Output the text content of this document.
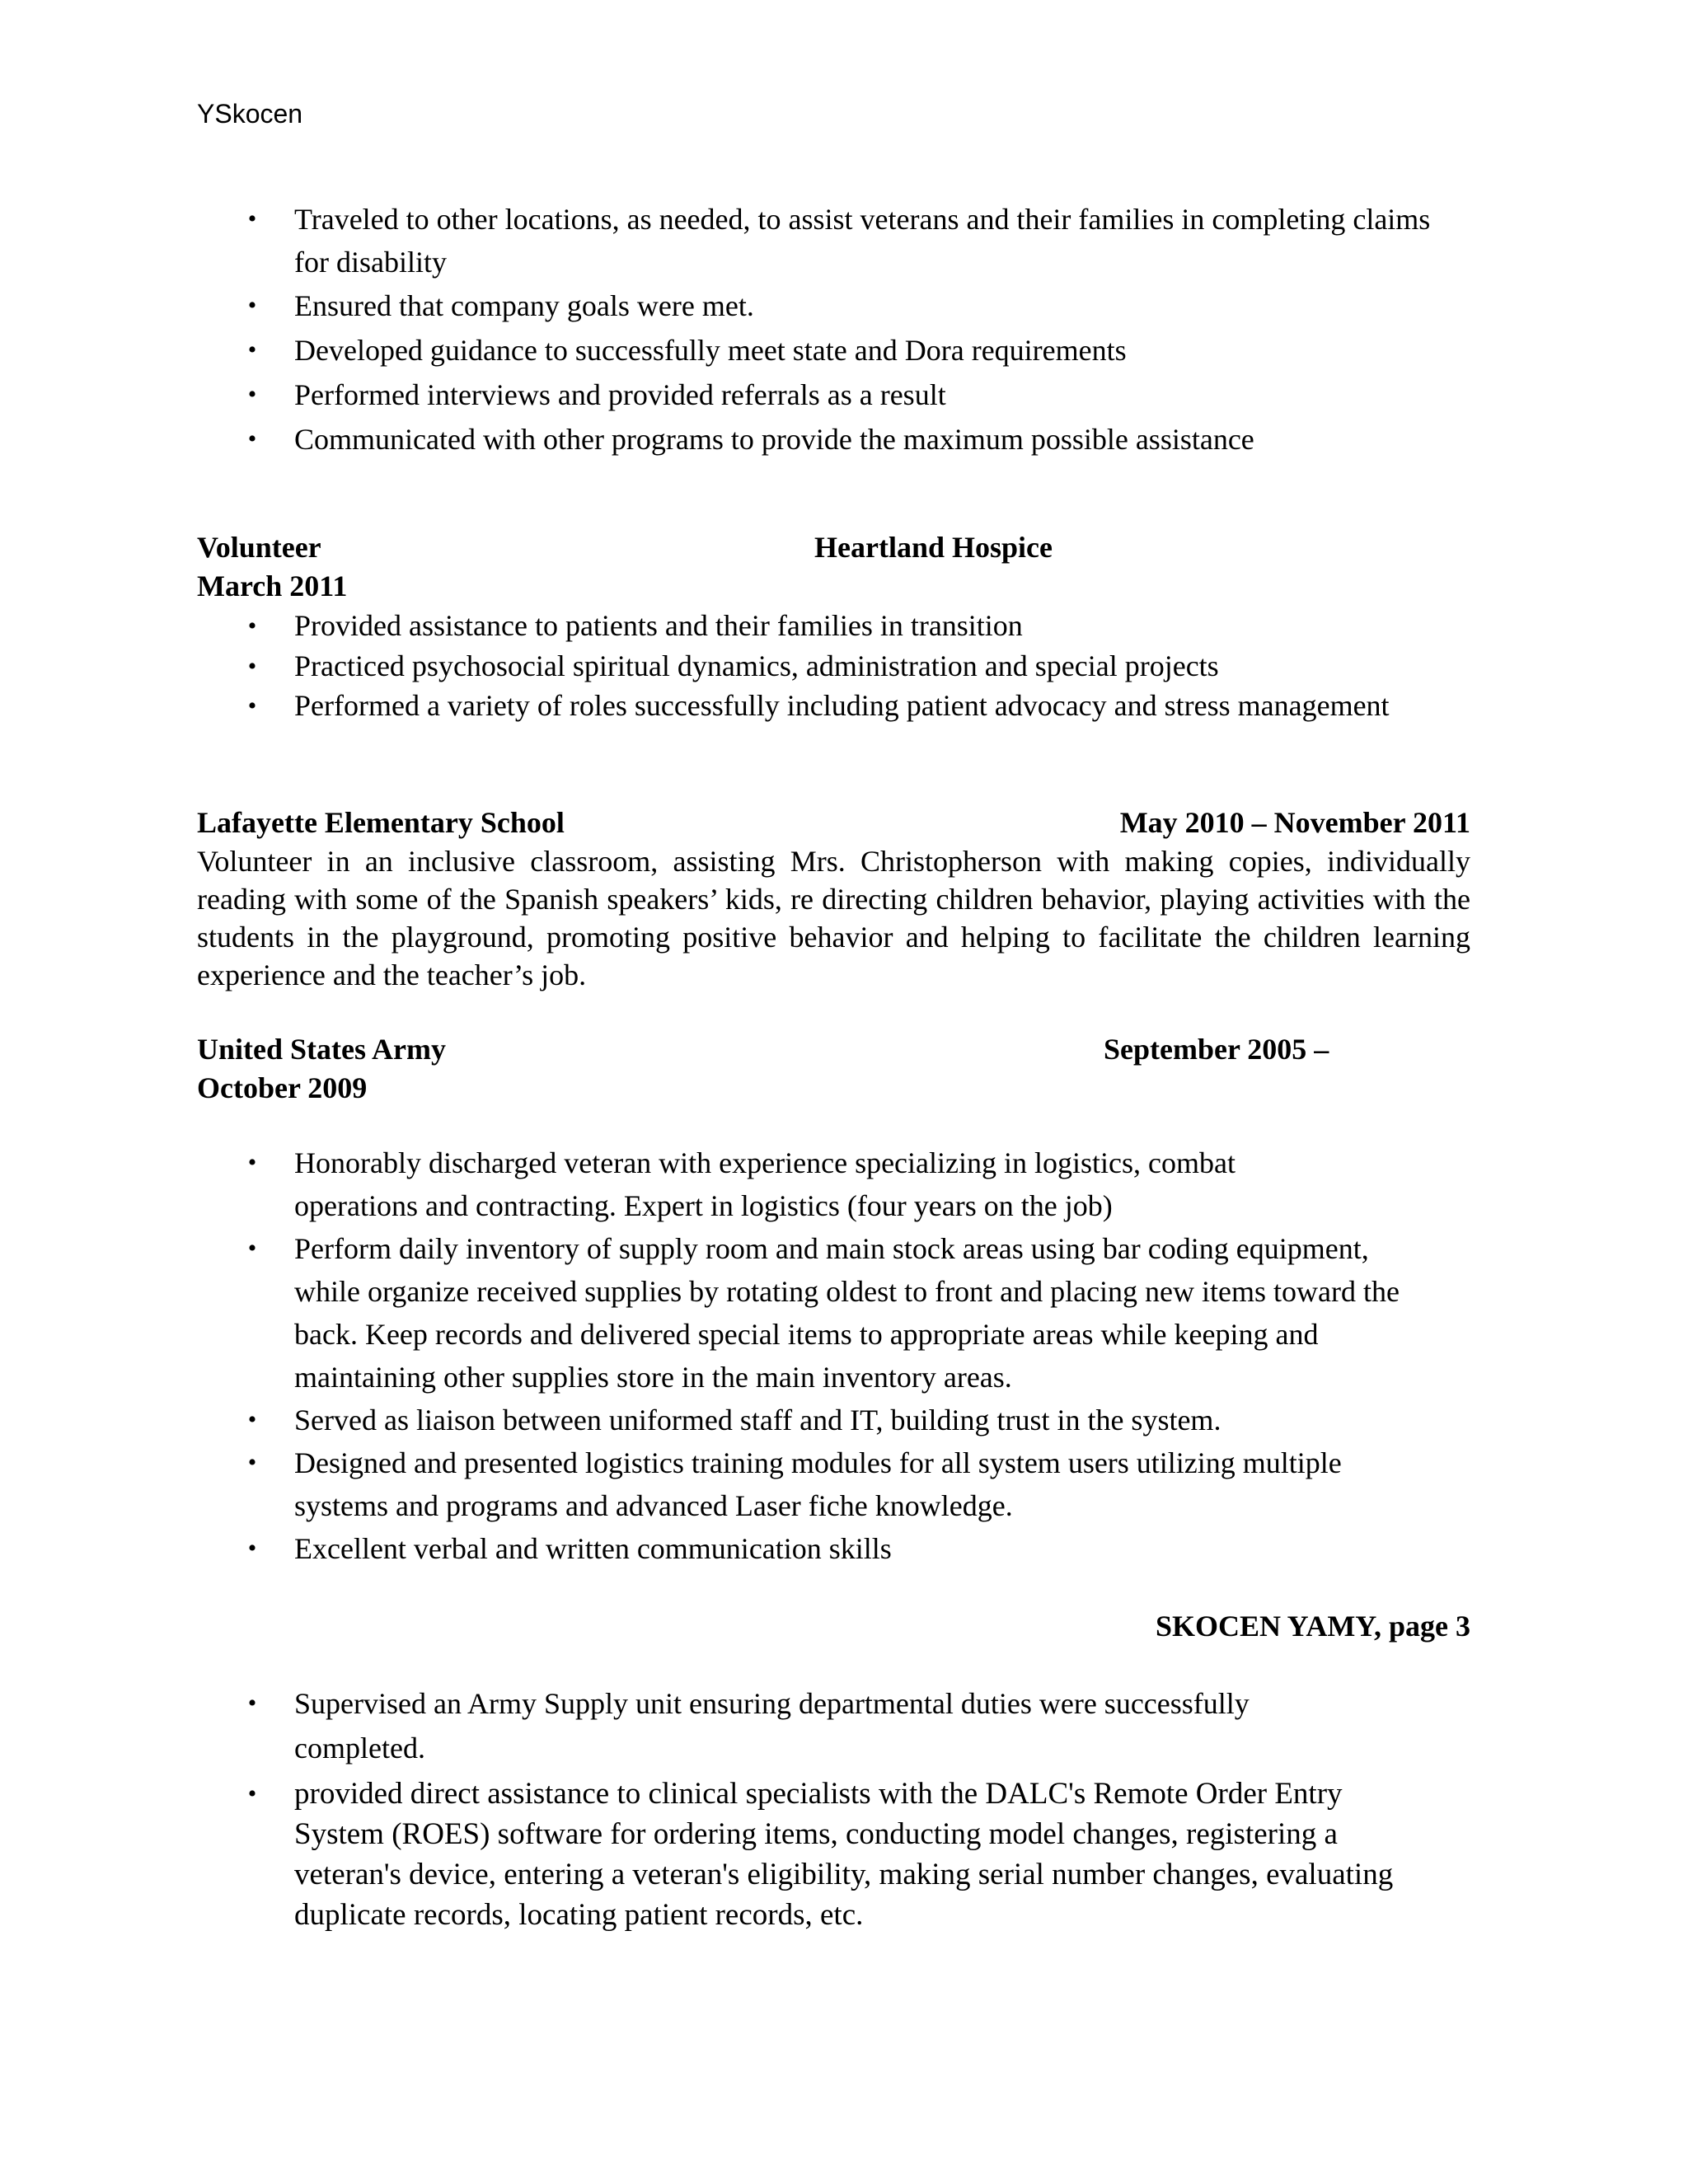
YSkocen
• Traveled to other locations, as needed, to assist veterans and their families in completing claims for disability
• Ensured that company goals were met.
• Developed guidance to successfully meet state and Dora requirements
• Performed interviews and provided referrals as a result
• Communicated with other programs to provide the maximum possible assistance
Volunteer	Heartland Hospice
March 2011
• Provided assistance to patients and their families in transition
• Practiced psychosocial spiritual dynamics, administration and special projects
• Performed a variety of roles successfully including patient advocacy and stress management
Lafayette Elementary School	May 2010 – November 2011
Volunteer in an inclusive classroom, assisting Mrs. Christopherson with making copies, individually reading with some of the Spanish speakers’ kids, re directing children behavior, playing activities with the students in the playground, promoting positive behavior and helping to facilitate the children learning experience and the teacher’s job.
United States Army	September 2005 –
October 2009
• Honorably discharged veteran with experience specializing in logistics, combat operations and contracting. Expert in logistics (four years on the job)
• Perform daily inventory of supply room and main stock areas using bar coding equipment, while organize received supplies by rotating oldest to front and placing new items toward the back. Keep records and delivered special items to appropriate areas while keeping and maintaining other supplies store in the main inventory areas.
• Served as liaison between uniformed staff and IT, building trust in the system.
• Designed and presented logistics training modules for all system users utilizing multiple systems and programs and advanced Laser fiche knowledge.
• Excellent verbal and written communication skills
SKOCEN YAMY, page 3
• Supervised an Army Supply unit ensuring departmental duties were successfully completed.
• provided direct assistance to clinical specialists with the DALC's Remote Order Entry System (ROES) software for ordering items, conducting model changes, registering a veteran's device, entering a veteran's eligibility, making serial number changes, evaluating duplicate records, locating patient records, etc.
